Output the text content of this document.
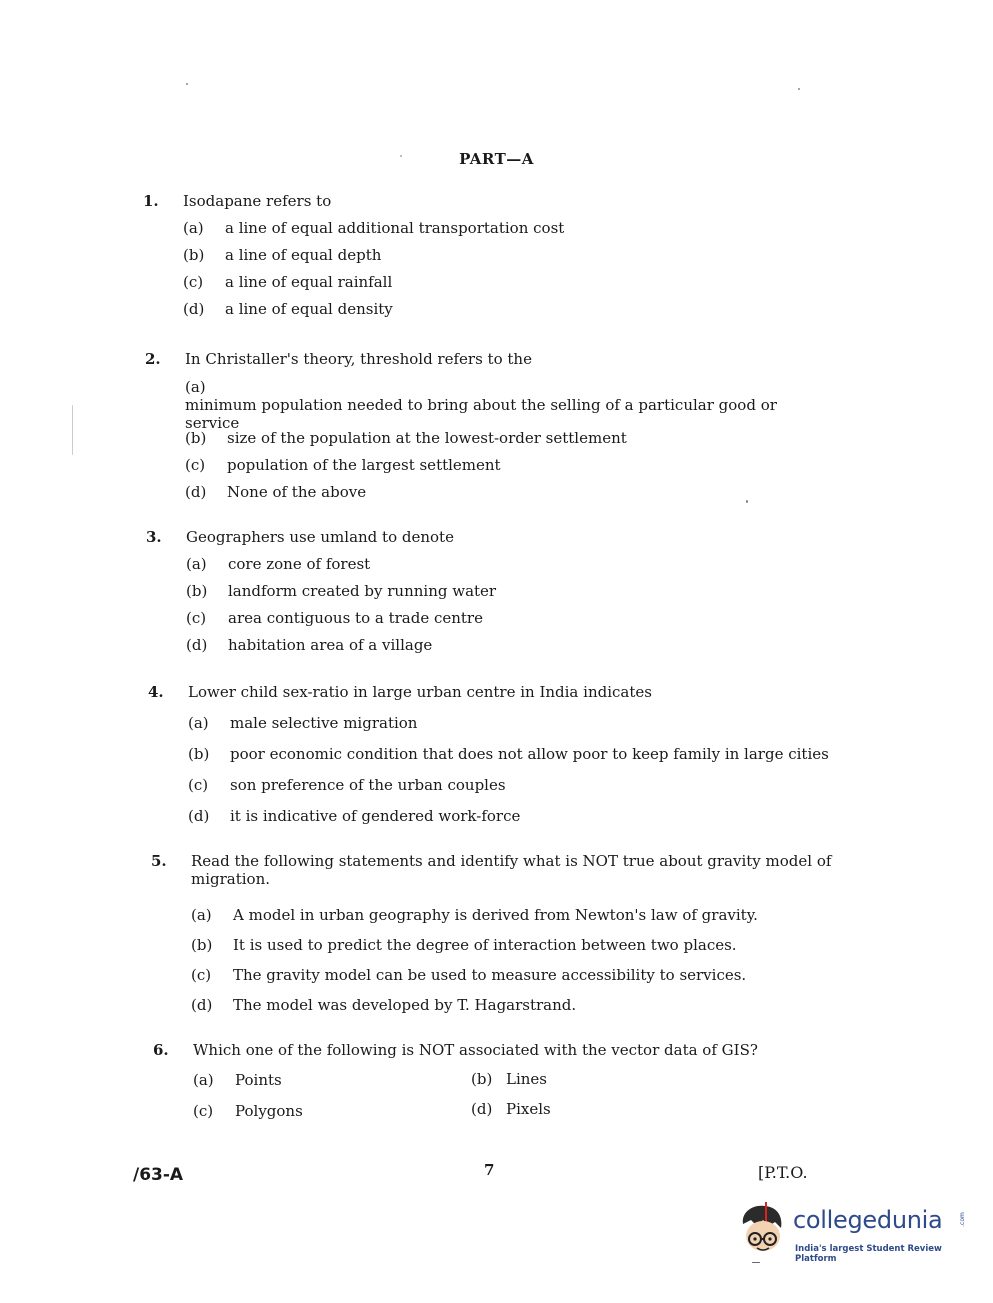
PART—A
1. Isodapane refers to
(a) a line of equal additional transportation cost
(b) a line of equal depth
(c) a line of equal rainfall
(d) a line of equal density
2. In Christaller's theory, threshold refers to the
(a)minimum population needed to bring about the selling of a particular good or service
(b) size of the population at the lowest-order settlement
(c) population of the largest settlement
(d) None of the above
3. Geographers use umland to denote
(a) core zone of forest
(b) landform created by running water
(c) area contiguous to a trade centre
(d) habitation area of a village
4. Lower child sex-ratio in large urban centre in India indicates
(a) male selective migration
(b) poor economic condition that does not allow poor to keep family in large cities
(c) son preference of the urban couples
(d) it is indicative of gendered work-force
5. Read the following statements and identify what is NOT true about gravity model of migration.
(a) A model in urban geography is derived from Newton's law of gravity.
(b) It is used to predict the degree of interaction between two places.
(c) The gravity model can be used to measure accessibility to services.
(d) The model was developed by T. Hagarstrand.
6. Which one of the following is NOT associated with the vector data of GIS?
(a) Points	(b) Lines
(c) Polygons	(d) Pixels
/63-A	7	[P.T.O.
collegedunia	.com
India's largest Student Review Platform
